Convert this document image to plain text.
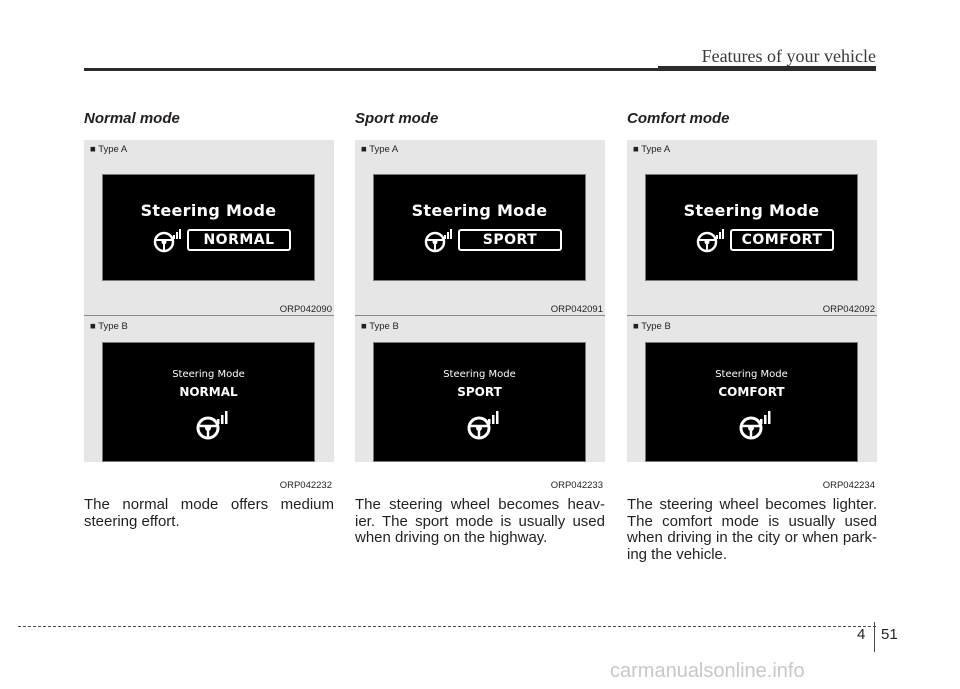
Features of your vehicle
Normal mode
■ Type A
Steering Mode
NORMAL
ORP042090
■ Type B
Steering Mode
NORMAL
ORP042232
Sport mode
■ Type A
Steering Mode
SPORT
ORP042091
■ Type B
Steering Mode
SPORT
ORP042233
Comfort mode
■ Type A
Steering Mode
COMFORT
ORP042092
■ Type B
Steering Mode
COMFORT
ORP042234
The normal mode offers medium steering effort.
The steering wheel becomes heav- ier. The sport mode is usually used when driving on the highway.
The steering wheel becomes lighter. The comfort mode is usually used when driving in the city or when park- ing the vehicle.
4 51
carmanualsonline.info
